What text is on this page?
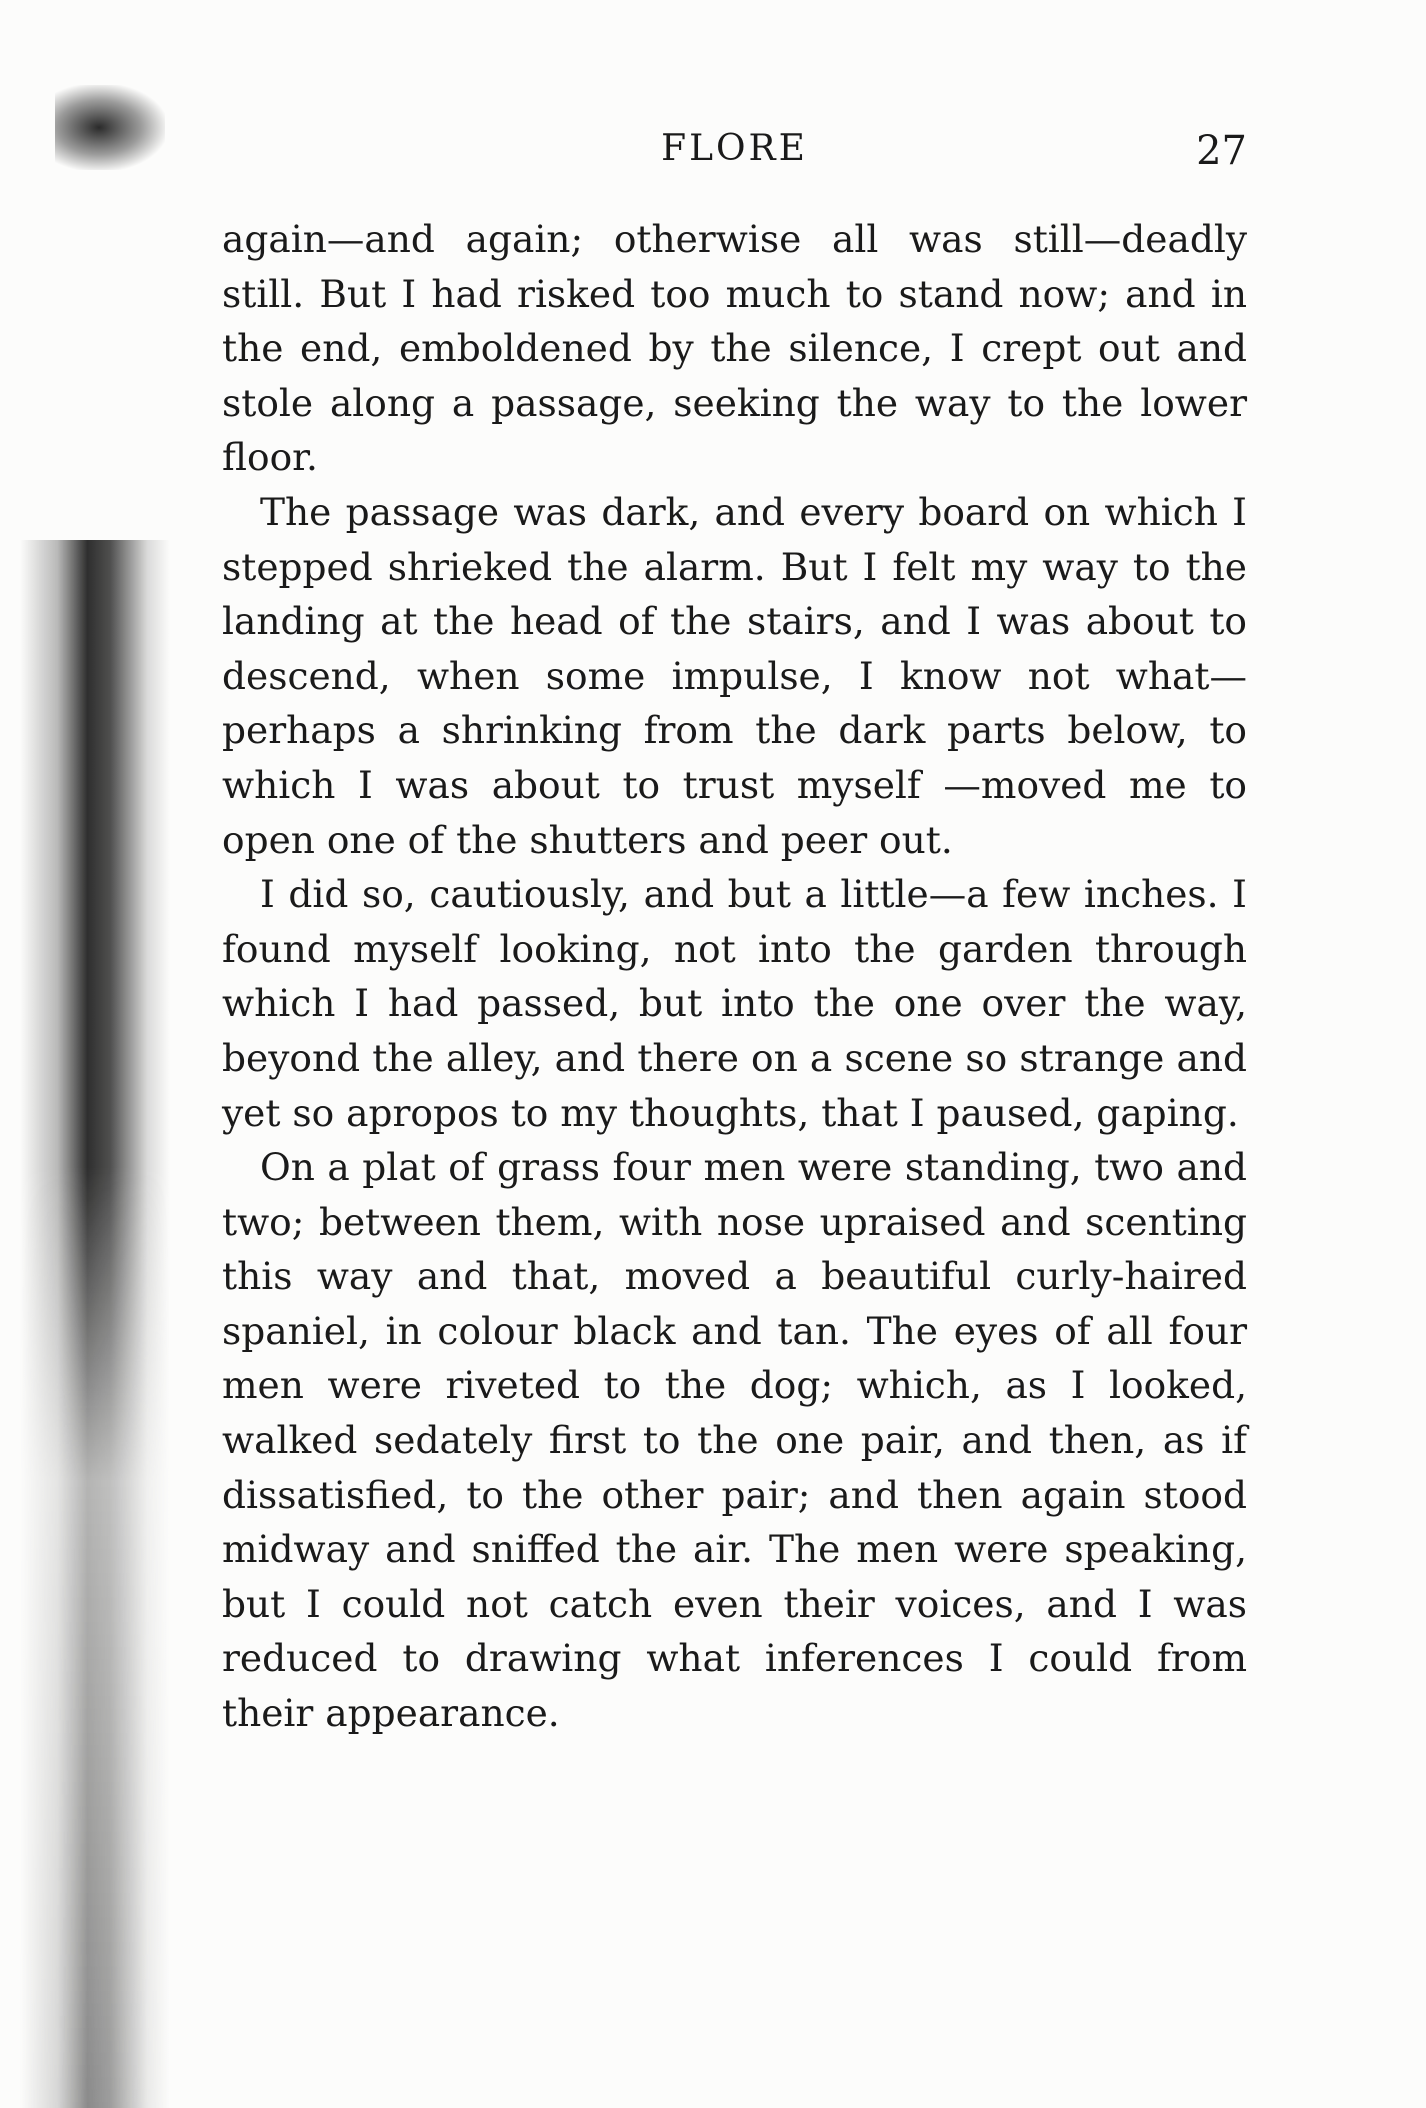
FLORE	27

again—and again; otherwise all was still—deadly still. But I had risked too much to stand now; and in the end, emboldened by the silence, I crept out and stole along a passage, seeking the way to the lower floor.

The passage was dark, and every board on which I stepped shrieked the alarm. But I felt my way to the landing at the head of the stairs, and I was about to descend, when some impulse, I know not what—perhaps a shrinking from the dark parts below, to which I was about to trust myself —moved me to open one of the shutters and peer out.

I did so, cautiously, and but a little—a few inches. I found myself looking, not into the garden through which I had passed, but into the one over the way, beyond the alley, and there on a scene so strange and yet so apropos to my thoughts, that I paused, gaping.

On a plat of grass four men were standing, two and two; between them, with nose upraised and scenting this way and that, moved a beautiful curly-haired spaniel, in colour black and tan. The eyes of all four men were riveted to the dog; which, as I looked, walked sedately first to the one pair, and then, as if dissatisfied, to the other pair; and then again stood midway and sniffed the air. The men were speaking, but I could not catch even their voices, and I was reduced to drawing what inferences I could from their appearance.
